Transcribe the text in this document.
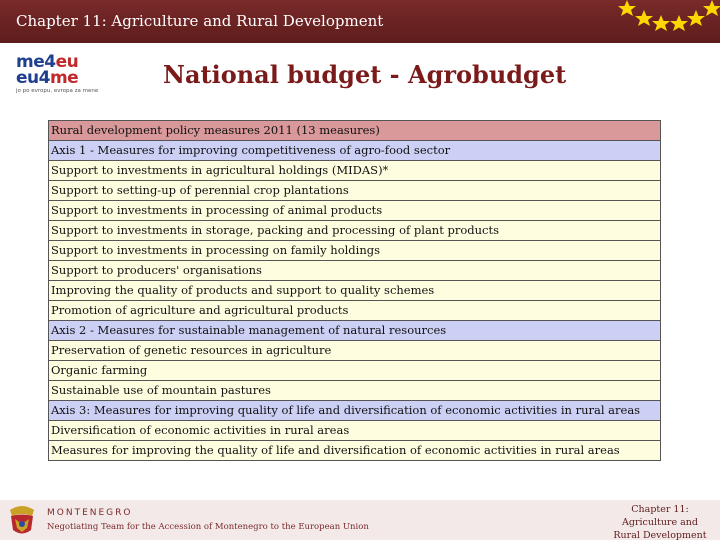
Chapter 11: Agriculture and Rural Development
me4eu
eu4me
jo po evropu, evropa za mene
National budget - Agrobudget
Rural development policy measures 2011 (13 measures)
Axis 1 - Measures for improving competitiveness of agro-food sector
Support to investments in agricultural holdings (MIDAS)*
Support to setting-up of perennial crop plantations
Support to investments in processing of animal products
Support to investments in storage, packing and processing of plant products
Support to investments in processing on family holdings
Support to producers' organisations
Improving the quality of products and support to quality schemes
Promotion of agriculture and agricultural products
Axis 2 - Measures for sustainable management of natural resources
Preservation of genetic resources in agriculture
Organic farming
Sustainable use of mountain pastures
Axis 3: Measures for improving quality of life and diversification of economic activities in rural areas
Diversification of economic activities in rural areas
Measures for improving the quality of life and diversification of economic activities in rural areas
MONTENEGRO
Negotiating Team for the Accession of Montenegro to the European Union
Chapter 11:
Agriculture and
Rural Development
